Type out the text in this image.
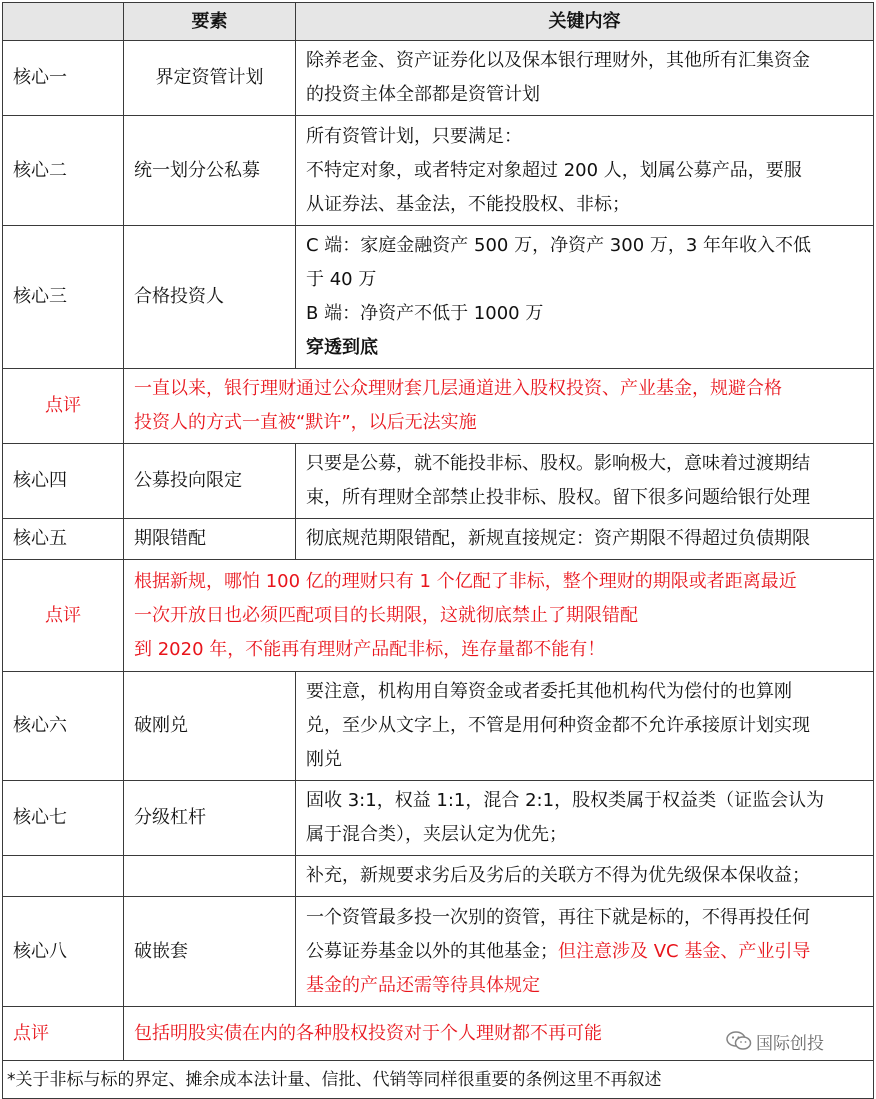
	要素	关键内容
核心一	界定资管计划	除养老金、资产证券化以及保本银行理财外，其他所有汇集资金
的投资主体全部都是资管计划

核心二	统一划分公私募	所有资管计划，只要满足：
不特定对象，或者特定对象超过 200 人，划属公募产品，要服
从证券法、基金法，不能投股权、非标；

核心三	合格投资人	C 端：家庭金融资产 500 万，净资产 300 万，3 年年收入不低
于 40 万
B 端：净资产不低于 1000 万
穿透到底

点评	一直以来，银行理财通过公众理财套几层通道进入股权投资、产业基金，规避合格
投资人的方式一直被“默许”，以后无法实施	

核心四	公募投向限定	只要是公募，就不能投非标、股权。影响极大，意味着过渡期结
束，所有理财全部禁止投非标、股权。留下很多问题给银行处理

核心五	期限错配	彻底规范期限错配，新规直接规定：资产期限不得超过负债期限

点评	根据新规，哪怕 100 亿的理财只有 1 个亿配了非标，整个理财的期限或者距离最近
一次开放日也必须匹配项目的长期限，这就彻底禁止了期限错配
到 2020 年，不能再有理财产品配非标，连存量都不能有！	

核心六	破刚兑	要注意，机构用自筹资金或者委托其他机构代为偿付的也算刚
兑，至少从文字上，不管是用何种资金都不允许承接原计划实现
刚兑

核心七	分级杠杆	固收 3:1，权益 1:1，混合 2:1，股权类属于权益类（证监会认为
属于混合类），夹层认定为优先；

		补充，新规要求劣后及劣后的关联方不得为优先级保本保收益；

核心八	破嵌套	一个资管最多投一次别的资管，再往下就是标的，不得再投任何
公募证券基金以外的其他基金；但注意涉及 VC 基金、产业引导
基金的产品还需等待具体规定

点评	包括明股实债在内的各种股权投资对于个人理财都不再可能	

*关于非标与标的界定、摊余成本法计量、信批、代销等同样很重要的条例这里不再叙述		
国际创投
